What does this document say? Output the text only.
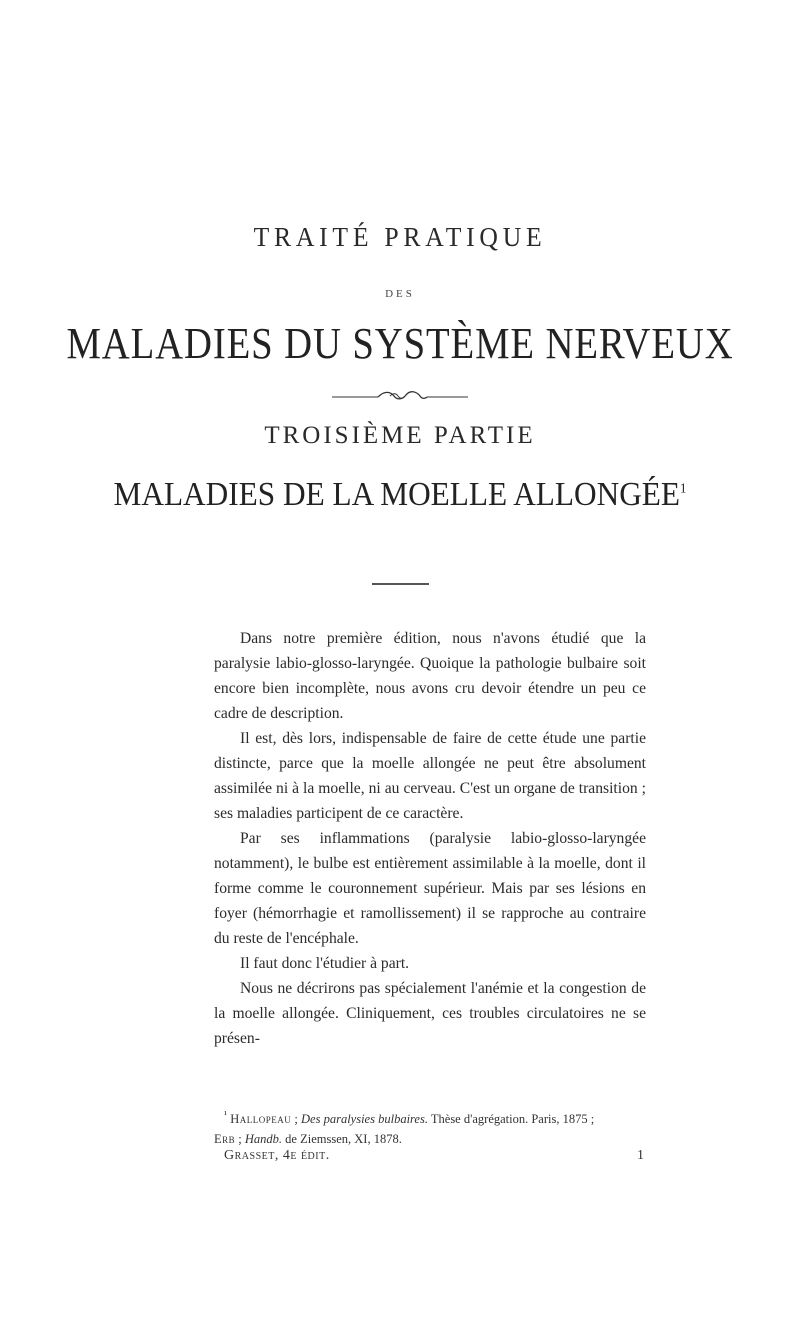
TRAITÉ PRATIQUE
DES
MALADIES DU SYSTÈME NERVEUX
TROISIÈME PARTIE
MALADIES DE LA MOELLE ALLONGÉE$^1$

Dans notre première édition, nous n'avons étudié que la paralysie labio-glosso-laryngée. Quoique la pathologie bulbaire soit encore bien incomplète, nous avons cru devoir étendre un peu ce cadre de description.

Il est, dès lors, indispensable de faire de cette étude une partie distincte, parce que la moelle allongée ne peut être absolument assimilée ni à la moelle, ni au cerveau. C'est un organe de transition ; ses maladies participent de ce caractère.

Par ses inflammations (paralysie labio-glosso-laryngée notamment), le bulbe est entièrement assimilable à la moelle, dont il forme comme le couronnement supérieur. Mais par ses lésions en foyer (hémorrhagie et ramollissement) il se rapproche au contraire du reste de l'encéphale.

Il faut donc l'étudier à part.

Nous ne décrirons pas spécialement l'anémie et la congestion de la moelle allongée. Cliniquement, ces troubles circulatoires ne se présen-

$^{^1}$ Hallopeau ; Des paralysies bulbaires. Thèse d'agrégation. Paris, 1875 ;

Erb ; Handb. de Ziemssen, XI, 1878.

Grasset, 4e édit.	1
